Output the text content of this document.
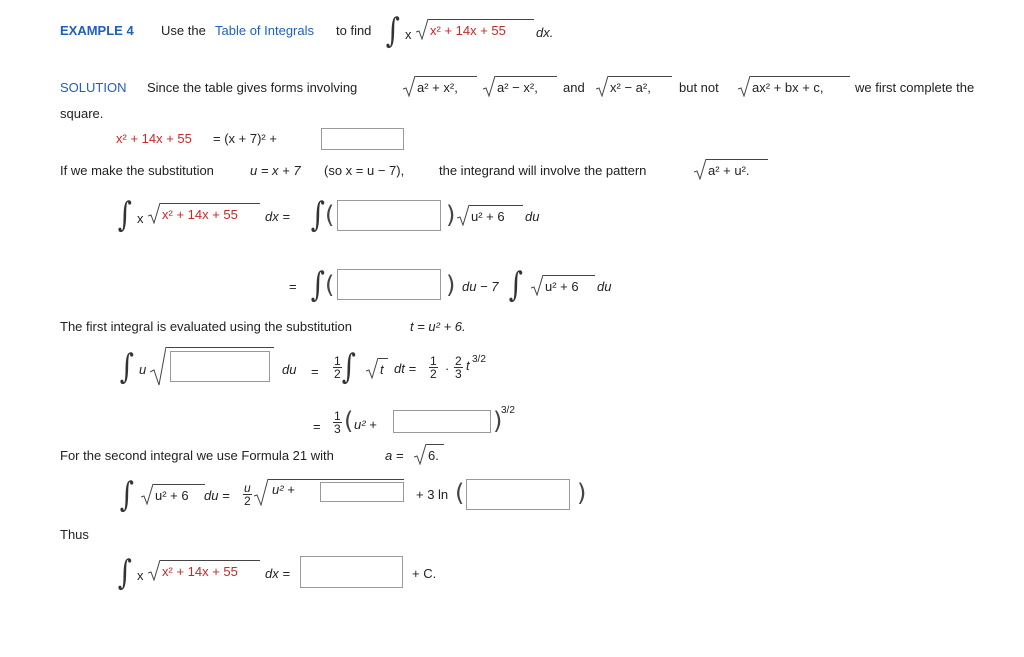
EXAMPLE 4 Use the Table of Integrals to find ∫ x x² + 14x + 55 dx.
SOLUTION Since the table gives forms involving	a² + x²,	a² − x², and x² − a², but not	ax² + bx + c, we first complete the
square.
x² + 14x + 55 = (x + 7)² +
If we make the substitution	u = x + 7 (so x = u − 7),	the integrand will involve the pattern	a² + u².
∫ x x² + 14x + 55 dx = ∫ (	) u² + 6 du
= ∫ (	) du − 7 ∫ u² + 6 du
The first integral is evaluated using the substitution	t = u² + 6.
∫ u	du = $\frac{1}{2}$ ∫ t dt = $\frac{1}{2} \cdot \frac{2}{3}$ t 3/2
= $\frac{1}{3}$ ( u² +	)
3/2
For the second integral we use Formula 21 with	a = 6.
∫ u² + 6 du = $\frac{u}{2} u^2$ +	+ 3 ln (	)
Thus
∫ x x² + 14x + 55 dx =	+ C.
